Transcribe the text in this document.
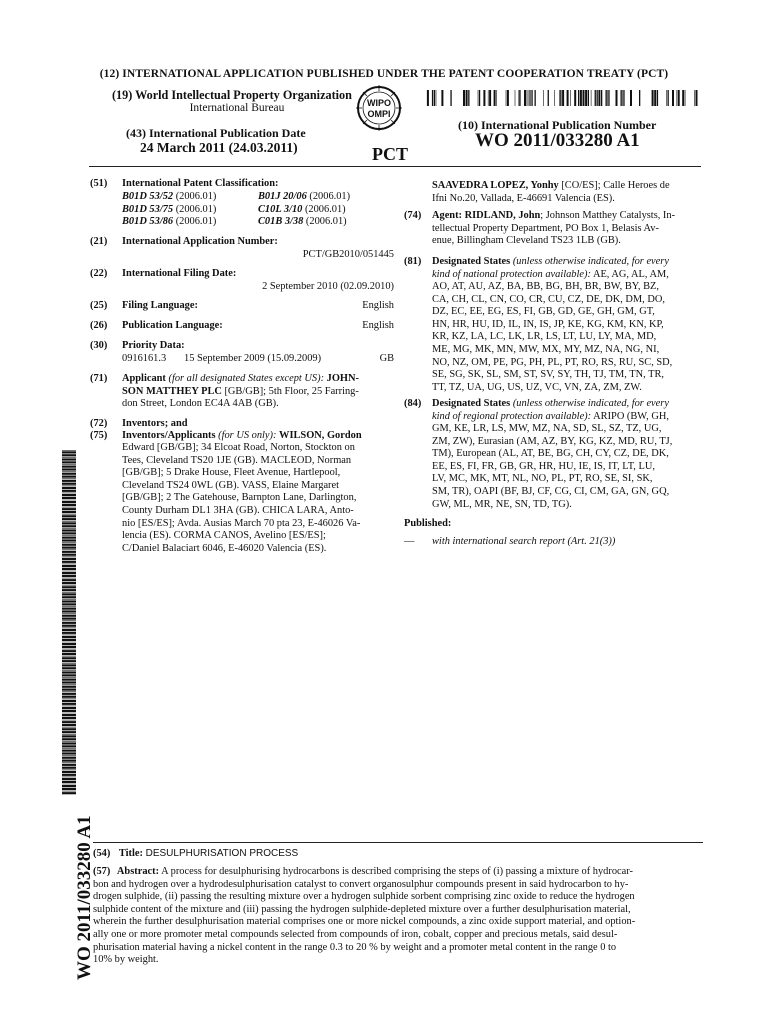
(12) INTERNATIONAL APPLICATION PUBLISHED UNDER THE PATENT COOPERATION TREATY (PCT)
(19) World Intellectual Property Organization
International Bureau	WIPO
OMPI
(43) International Publication Date
24 March 2011 (24.03.2011)	PCT
(10) International Publication Number
WO 2011/033280 A1
(51) International Patent Classification:
B01D 53/52 (2006.01)	B01J 20/06 (2006.01)
B01D 53/75 (2006.01)	C10L 3/10 (2006.01)
B01D 53/86 (2006.01)	C01B 3/38 (2006.01)
(21) International Application Number:
PCT/GB2010/051445
(22) International Filing Date:
2 September 2010 (02.09.2010)
(25) Filing Language:	English
(26) Publication Language:	English
(30) Priority Data:
0916161.3 15 September 2009 (15.09.2009)	GB
(71) Applicant (for all designated States except US): JOHN-
SON MATTHEY PLC [GB/GB]; 5th Floor, 25 Farring-
don Street, London EC4A 4AB (GB).
(72) Inventors; and
(75) Inventors/Applicants (for US only): WILSON, Gordon
Edward [GB/GB]; 34 Elcoat Road, Norton, Stockton on
Tees, Cleveland TS20 1JE (GB). MACLEOD, Norman
[GB/GB]; 5 Drake House, Fleet Avenue, Hartlepool,
Cleveland TS24 0WL (GB). VASS, Elaine Margaret
[GB/GB]; 2 The Gatehouse, Barnpton Lane, Darlington,
County Durham DL1 3HA (GB). CHICA LARA, Anto-
nio [ES/ES]; Avda. Ausias March 70 pta 23, E-46026 Va-
lencia (ES). CORMA CANOS, Avelino [ES/ES];
C/Daniel Balaciart 6046, E-46020 Valencia (ES).
SAAVEDRA LOPEZ, Yonhy [CO/ES]; Calle Heroes de
Ifni No.20, Vallada, E-46691 Valencia (ES).
(74) Agent: RIDLAND, John; Johnson Matthey Catalysts, In-
tellectual Property Department, PO Box 1, Belasis Av-
enue, Billingham Cleveland TS23 1LB (GB).
(81) Designated States (unless otherwise indicated, for every
kind of national protection available): AE, AG, AL, AM,
AO, AT, AU, AZ, BA, BB, BG, BH, BR, BW, BY, BZ,
CA, CH, CL, CN, CO, CR, CU, CZ, DE, DK, DM, DO,
DZ, EC, EE, EG, ES, FI, GB, GD, GE, GH, GM, GT,
HN, HR, HU, ID, IL, IN, IS, JP, KE, KG, KM, KN, KP,
KR, KZ, LA, LC, LK, LR, LS, LT, LU, LY, MA, MD,
ME, MG, MK, MN, MW, MX, MY, MZ, NA, NG, NI,
NO, NZ, OM, PE, PG, PH, PL, PT, RO, RS, RU, SC, SD,
SE, SG, SK, SL, SM, ST, SV, SY, TH, TJ, TM, TN, TR,
TT, TZ, UA, UG, US, UZ, VC, VN, ZA, ZM, ZW.
(84) Designated States (unless otherwise indicated, for every
kind of regional protection available): ARIPO (BW, GH,
GM, KE, LR, LS, MW, MZ, NA, SD, SL, SZ, TZ, UG,
ZM, ZW), Eurasian (AM, AZ, BY, KG, KZ, MD, RU, TJ,
TM), European (AL, AT, BE, BG, CH, CY, CZ, DE, DK,
EE, ES, FI, FR, GB, GR, HR, HU, IE, IS, IT, LT, LU,
LV, MC, MK, MT, NL, NO, PL, PT, RO, SE, SI, SK,
SM, TR), OAPI (BF, BJ, CF, CG, CI, CM, GA, GN, GQ,
GW, ML, MR, NE, SN, TD, TG).
Published:
— with international search report (Art. 21(3))
WO 2011/033280 A1
(54) Title: DESULPHURISATION PROCESS
(57) Abstract: A process for desulphurising hydrocarbons is described comprising the steps of (i) passing a mixture of hydrocar-
bon and hydrogen over a hydrodesulphurisation catalyst to convert organosulphur compounds present in said hydrocarbon to hy-
drogen sulphide, (ii) passing the resulting mixture over a hydrogen sulphide sorbent comprising zinc oxide to reduce the hydrogen
sulphide content of the mixture and (iii) passing the hydrogen sulphide-depleted mixture over a further desulphurisation material,
wherein the further desulphurisation material comprises one or more nickel compounds, a zinc oxide support material, and option-
ally one or more promoter metal compounds selected from compounds of iron, cobalt, copper and precious metals, said desul-
phurisation material having a nickel content in the range 0.3 to 20 % by weight and a promoter metal content in the range 0 to
10% by weight.
